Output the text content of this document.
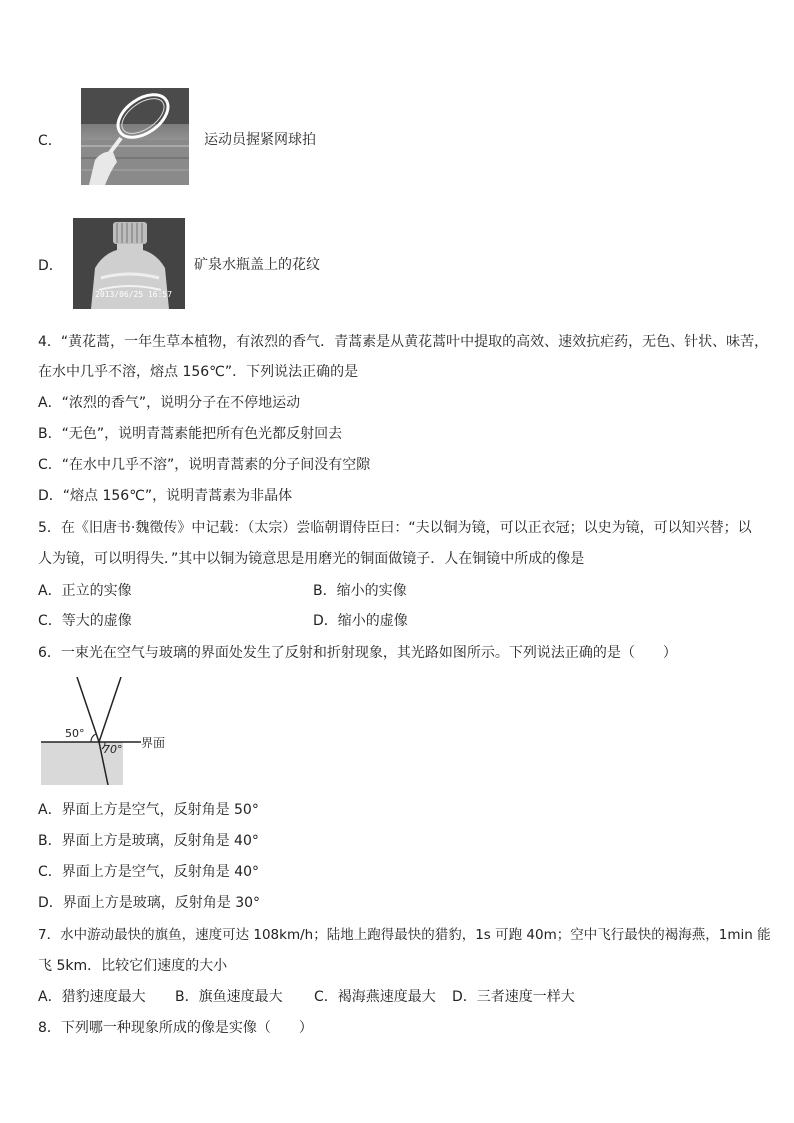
C．	运动员握紧网球拍
D．
2013/06/25 16:57
矿泉水瓶盖上的花纹
4．“黄花蒿，一年生草本植物，有浓烈的香气．青蒿素是从黄花蒿叶中提取的高效、速效抗疟药，无色、针状、味苦，
在水中几乎不溶，熔点 156℃”．下列说法正确的是
A．“浓烈的香气”，说明分子在不停地运动
B．“无色”，说明青蒿素能把所有色光都反射回去
C．“在水中几乎不溶”，说明青蒿素的分子间没有空隙
D．“熔点 156℃”，说明青蒿素为非晶体
5．在《旧唐书·魏徵传》中记载：（太宗）尝临朝谓侍臣曰：“夫以铜为镜，可以正衣冠；以史为镜，可以知兴替；以
人为镜，可以明得失．”其中以铜为镜意思是用磨光的铜面做镜子．人在铜镜中所成的像是
A．正立的实像	B．缩小的实像
C．等大的虚像	D．缩小的虚像
6．一束光在空气与玻璃的界面处发生了反射和折射现象，其光路如图所示。下列说法正确的是（　　）
50°
70° 界面
A．界面上方是空气，反射角是 50°
B．界面上方是玻璃，反射角是 40°
C．界面上方是空气，反射角是 40°
D．界面上方是玻璃，反射角是 30°
7．水中游动最快的旗鱼，速度可达 108km/h；陆地上跑得最快的猎豹，1s 可跑 40m；空中飞行最快的褐海燕，1min 能
飞 5km．比较它们速度的大小
A．猎豹速度最大 B．旗鱼速度最大 C．褐海燕速度最大 D．三者速度一样大
8．下列哪一种现象所成的像是实像（　　）
